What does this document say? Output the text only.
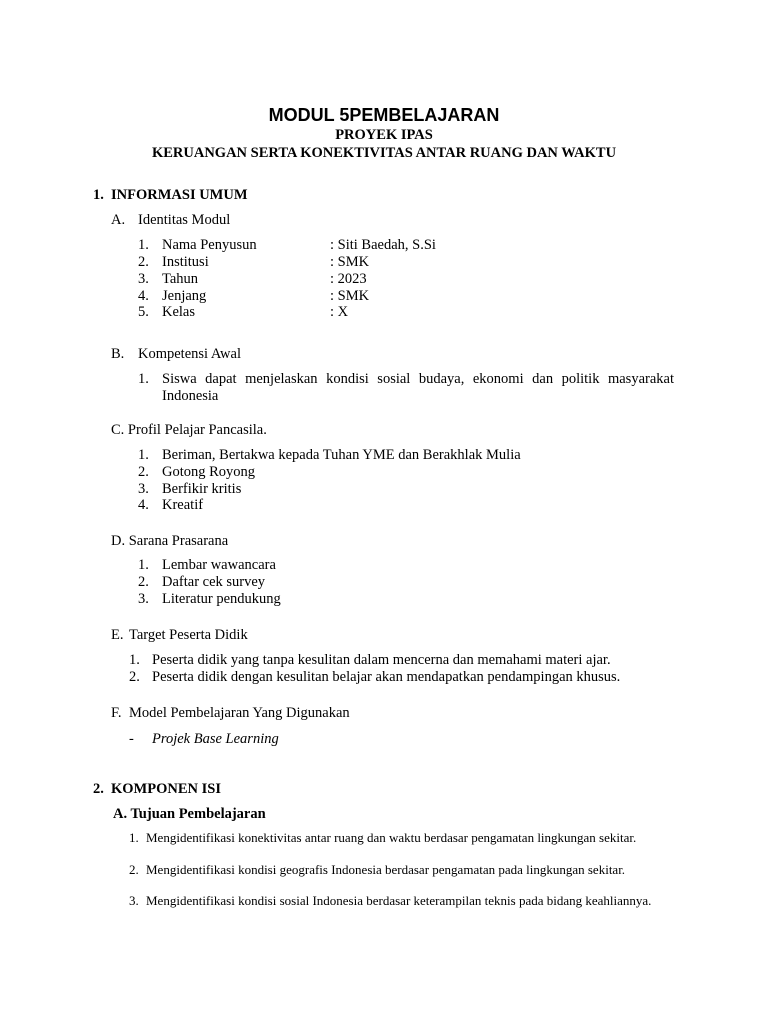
MODUL 5PEMBELAJARAN
PROYEK IPAS
KERUANGAN SERTA KONEKTIVITAS ANTAR RUANG DAN WAKTU
1. INFORMASI UMUM
A. Identitas Modul
1. Nama Penyusun	: Siti Baedah, S.Si
2. Institusi	: SMK
3. Tahun	: 2023
4. Jenjang	: SMK
5. Kelas	: X
B. Kompetensi Awal
1. Siswa dapat menjelaskan kondisi sosial budaya, ekonomi dan politik masyarakat Indonesia
C. Profil Pelajar Pancasila.
1. Beriman, Bertakwa kepada Tuhan YME dan Berakhlak Mulia
2. Gotong Royong
3. Berfikir kritis
4. Kreatif
D. Sarana Prasarana
1. Lembar wawancara
2. Daftar cek survey
3. Literatur pendukung
E. Target Peserta Didik
1. Peserta didik yang tanpa kesulitan dalam mencerna dan memahami materi ajar.
2. Peserta didik dengan kesulitan belajar akan mendapatkan pendampingan khusus.
F. Model Pembelajaran Yang Digunakan
- Projek Base Learning
2. KOMPONEN ISI
A. Tujuan Pembelajaran
1. Mengidentifikasi konektivitas antar ruang dan waktu berdasar pengamatan lingkungan sekitar.
2. Mengidentifikasi kondisi geografis Indonesia berdasar pengamatan pada lingkungan sekitar.
3. Mengidentifikasi kondisi sosial Indonesia berdasar keterampilan teknis pada bidang keahliannya.
